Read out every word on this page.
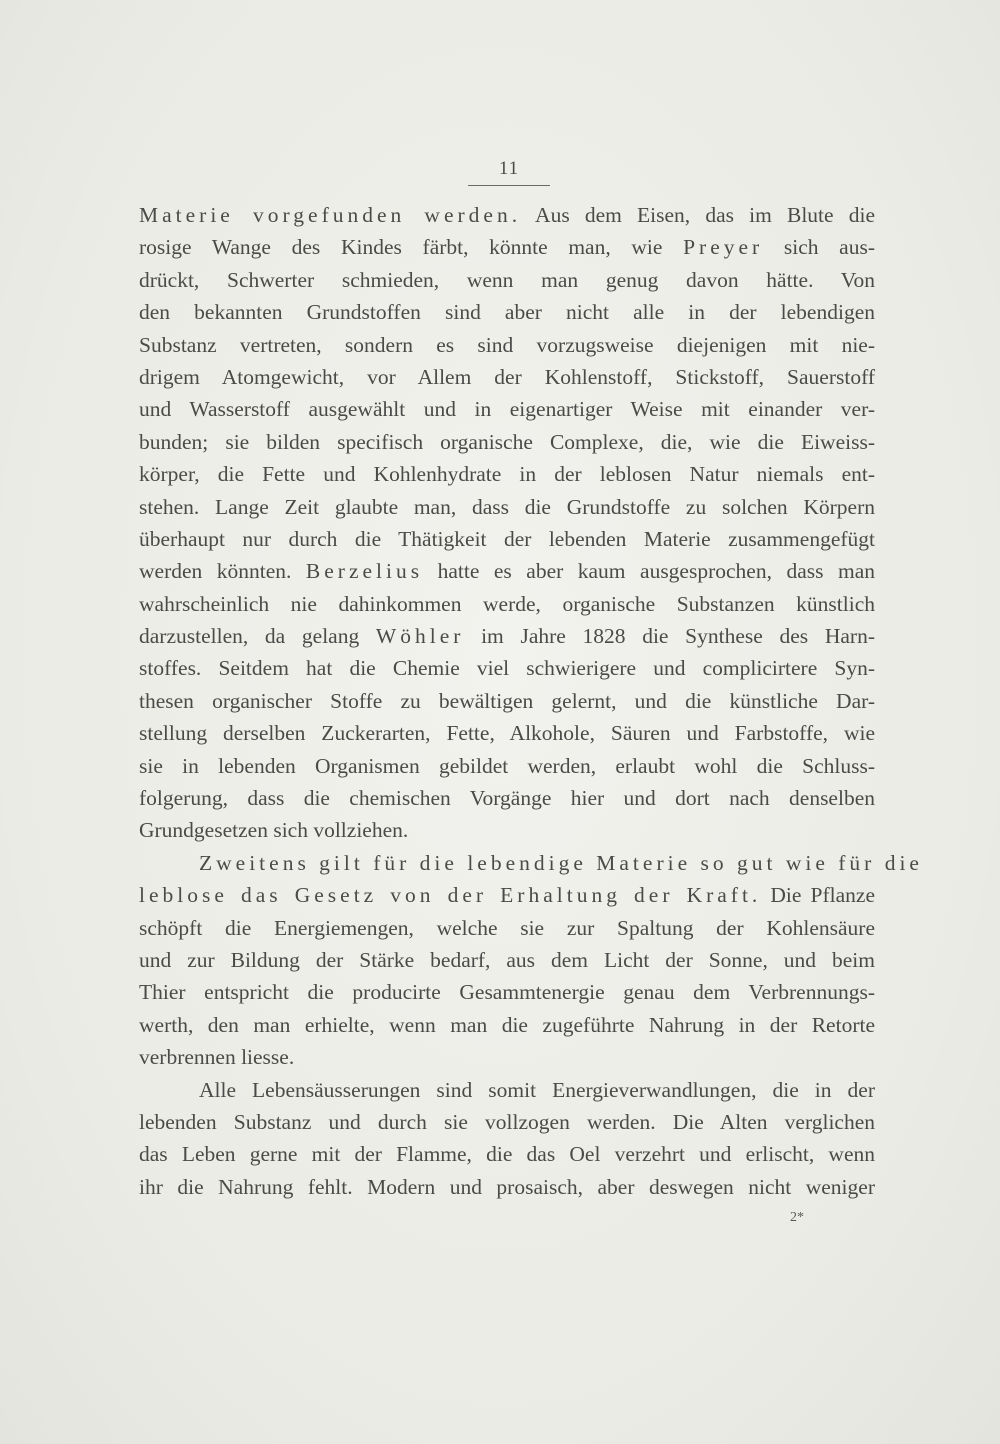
11
Materie vorgefunden werden. Aus dem Eisen, das im Blute die
rosige Wange des Kindes färbt, könnte man, wie Preyer sich aus-
drückt, Schwerter schmieden, wenn man genug davon hätte. Von
den bekannten Grundstoffen sind aber nicht alle in der lebendigen
Substanz vertreten, sondern es sind vorzugsweise diejenigen mit nie-
drigem Atomgewicht, vor Allem der Kohlenstoff, Stickstoff, Sauerstoff
und Wasserstoff ausgewählt und in eigenartiger Weise mit einander ver-
bunden; sie bilden specifisch organische Complexe, die, wie die Eiweiss-
körper, die Fette und Kohlenhydrate in der leblosen Natur niemals ent-
stehen. Lange Zeit glaubte man, dass die Grundstoffe zu solchen Körpern
überhaupt nur durch die Thätigkeit der lebenden Materie zusammengefügt
werden könnten. Berzelius hatte es aber kaum ausgesprochen, dass man
wahrscheinlich nie dahinkommen werde, organische Substanzen künstlich
darzustellen, da gelang Wöhler im Jahre 1828 die Synthese des Harn-
stoffes. Seitdem hat die Chemie viel schwierigere und complicirtere Syn-
thesen organischer Stoffe zu bewältigen gelernt, und die künstliche Dar-
stellung derselben Zuckerarten, Fette, Alkohole, Säuren und Farbstoffe, wie
sie in lebenden Organismen gebildet werden, erlaubt wohl die Schluss-
folgerung, dass die chemischen Vorgänge hier und dort nach denselben
Grundgesetzen sich vollziehen.
Zweitens gilt für die lebendige Materie so gut wie für die
leblose das Gesetz von der Erhaltung der Kraft. Die Pflanze
schöpft die Energiemengen, welche sie zur Spaltung der Kohlensäure
und zur Bildung der Stärke bedarf, aus dem Licht der Sonne, und beim
Thier entspricht die producirte Gesammtenergie genau dem Verbrennungs-
werth, den man erhielte, wenn man die zugeführte Nahrung in der Retorte
verbrennen liesse.
Alle Lebensäusserungen sind somit Energieverwandlungen, die in der
lebenden Substanz und durch sie vollzogen werden. Die Alten verglichen
das Leben gerne mit der Flamme, die das Oel verzehrt und erlischt, wenn
ihr die Nahrung fehlt. Modern und prosaisch, aber deswegen nicht weniger
2*
